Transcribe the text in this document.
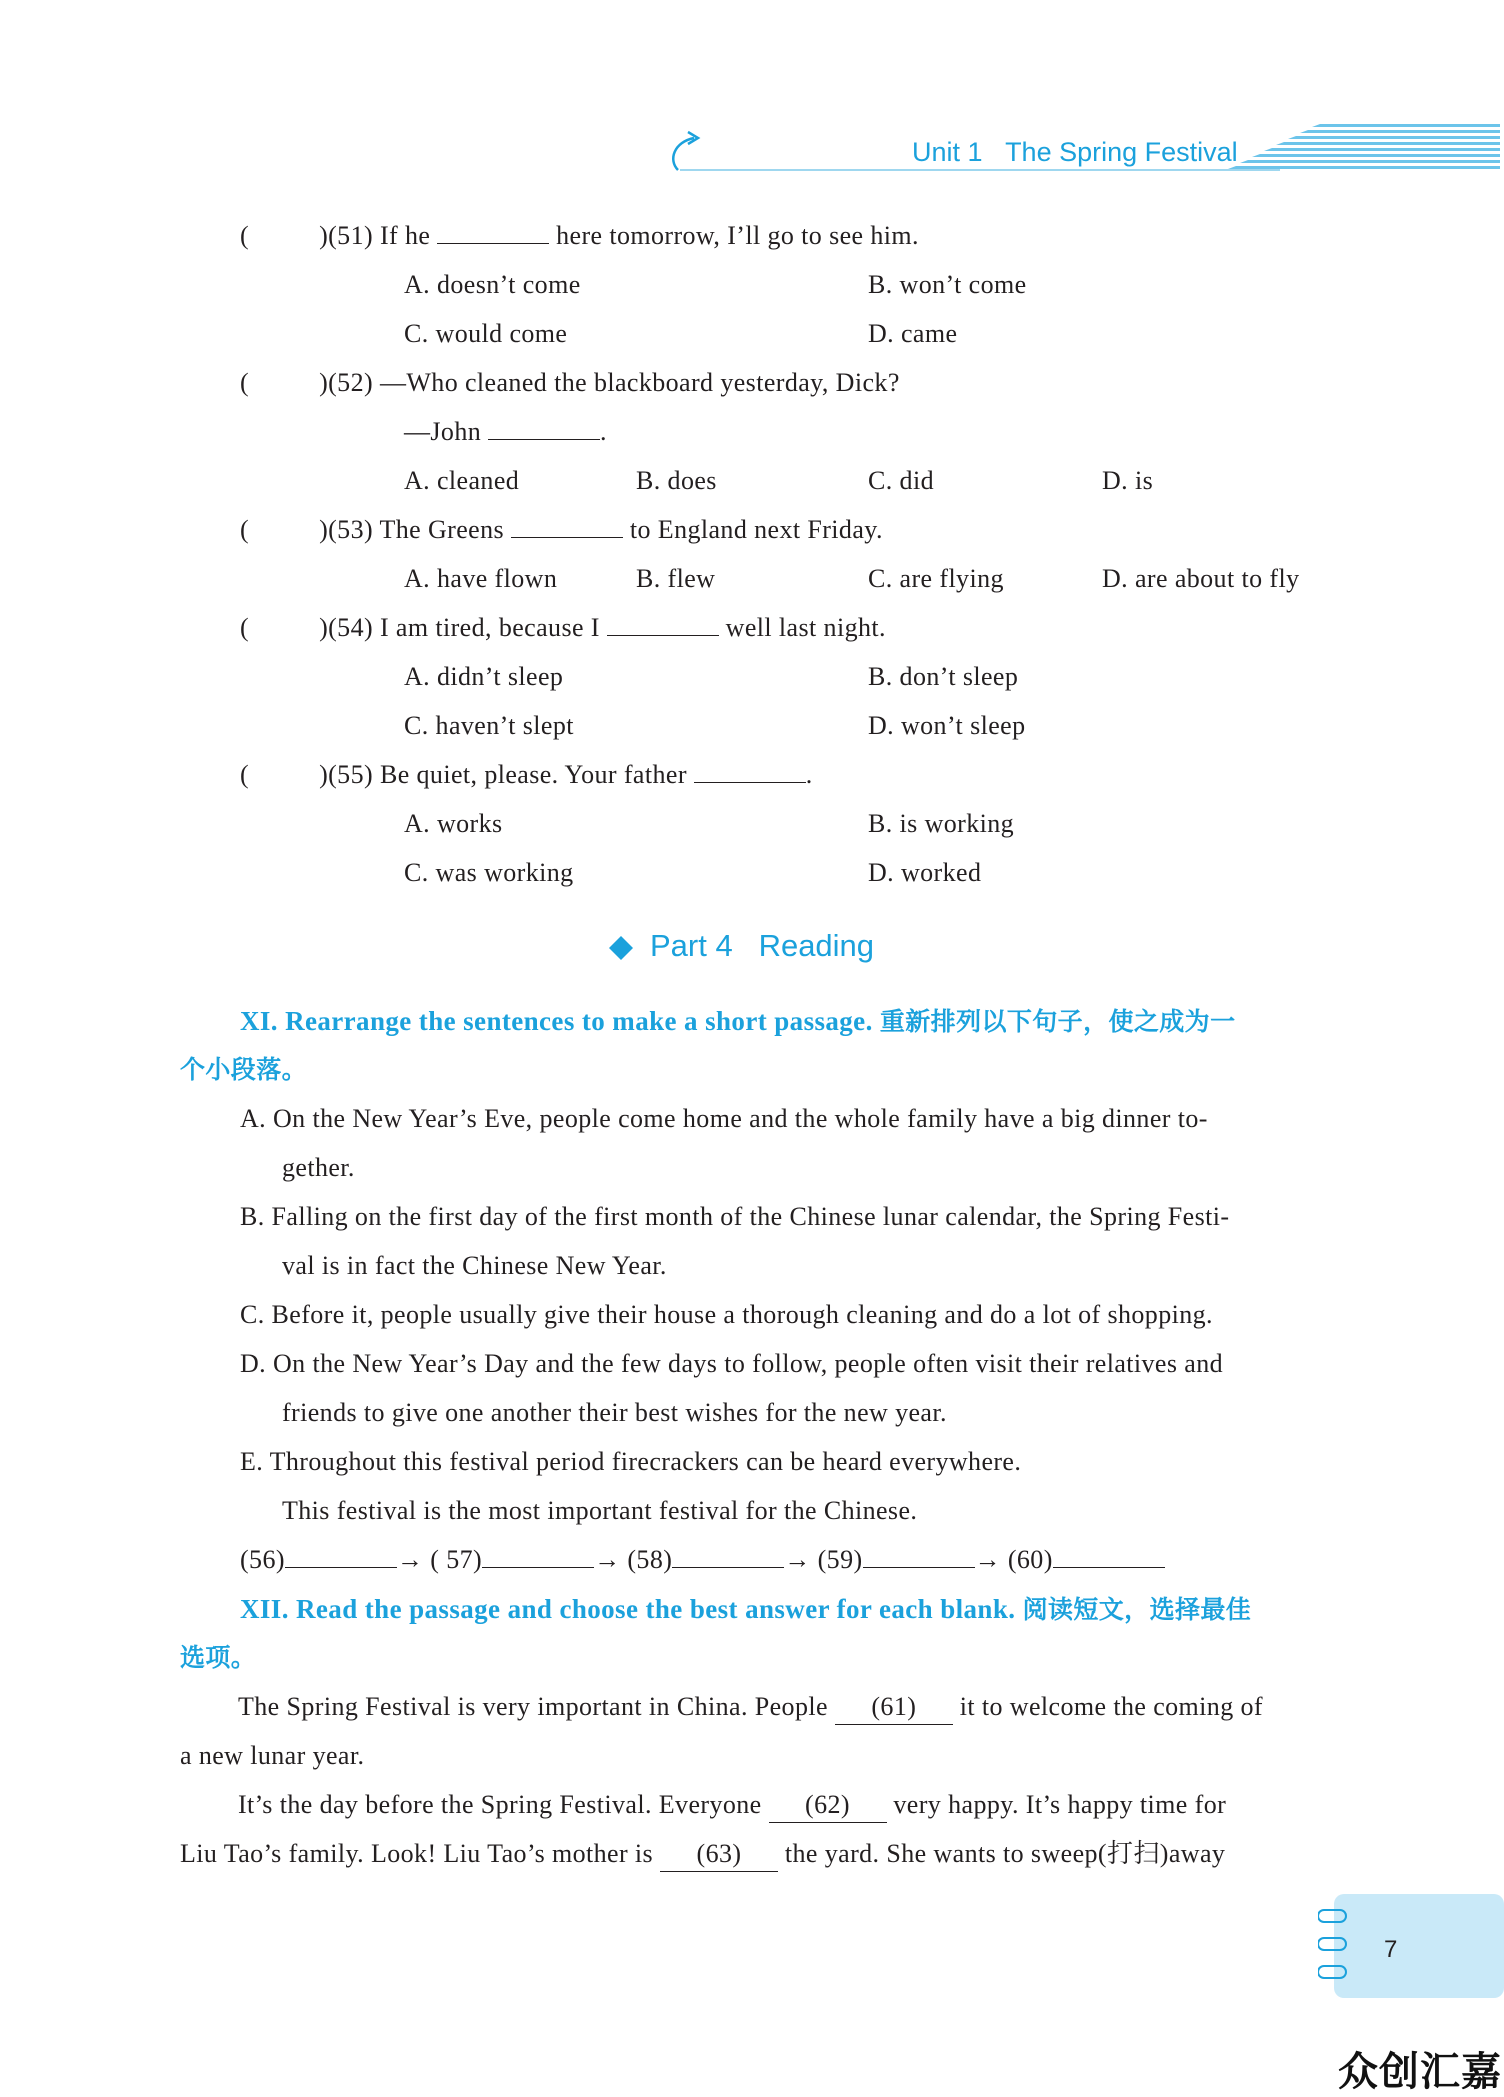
Unit 1 The Spring Festival
(	)(51) If he	here tomorrow, I’ll go to see him.
A. doesn’t come	B. won’t come
C. would come	D. came
(	)(52) —Who cleaned the blackboard yesterday, Dick?
—John	.
A. cleaned	B. does	C. did	D. is
(	)(53) The Greens	to England next Friday.
A. have flown	B. flew	C. are flying	D. are about to fly
(	)(54) I am tired, because I	well last night.
A. didn’t sleep	B. don’t sleep
C. haven’t slept	D. won’t sleep
(	)(55) Be quiet, please. Your father	.
A. works	B. is working
C. was working	D. worked
Part 4 Reading
XI. Rearrange the sentences to make a short passage. 重新排列以下句子，使之成为一
个小段落。
A. On the New Year’s Eve, people come home and the whole family have a big dinner to-
gether.
B. Falling on the first day of the first month of the Chinese lunar calendar, the Spring Festi-
val is in fact the Chinese New Year.
C. Before it, people usually give their house a thorough cleaning and do a lot of shopping.
D. On the New Year’s Day and the few days to follow, people often visit their relatives and
friends to give one another their best wishes for the new year.
E. Throughout this festival period firecrackers can be heard everywhere.
This festival is the most important festival for the Chinese.
(56)	→ ( 57)	→ (58)	→ (59)	→ (60)
XII. Read the passage and choose the best answer for each blank. 阅读短文，选择最佳
选项。
The Spring Festival is very important in China. People (61) it to welcome the coming of
a new lunar year.
It’s the day before the Spring Festival. Everyone (62) very happy. It’s happy time for
Liu Tao’s family. Look! Liu Tao’s mother is (63) the yard. She wants to sweep(打扫)away
7
众创汇嘉
